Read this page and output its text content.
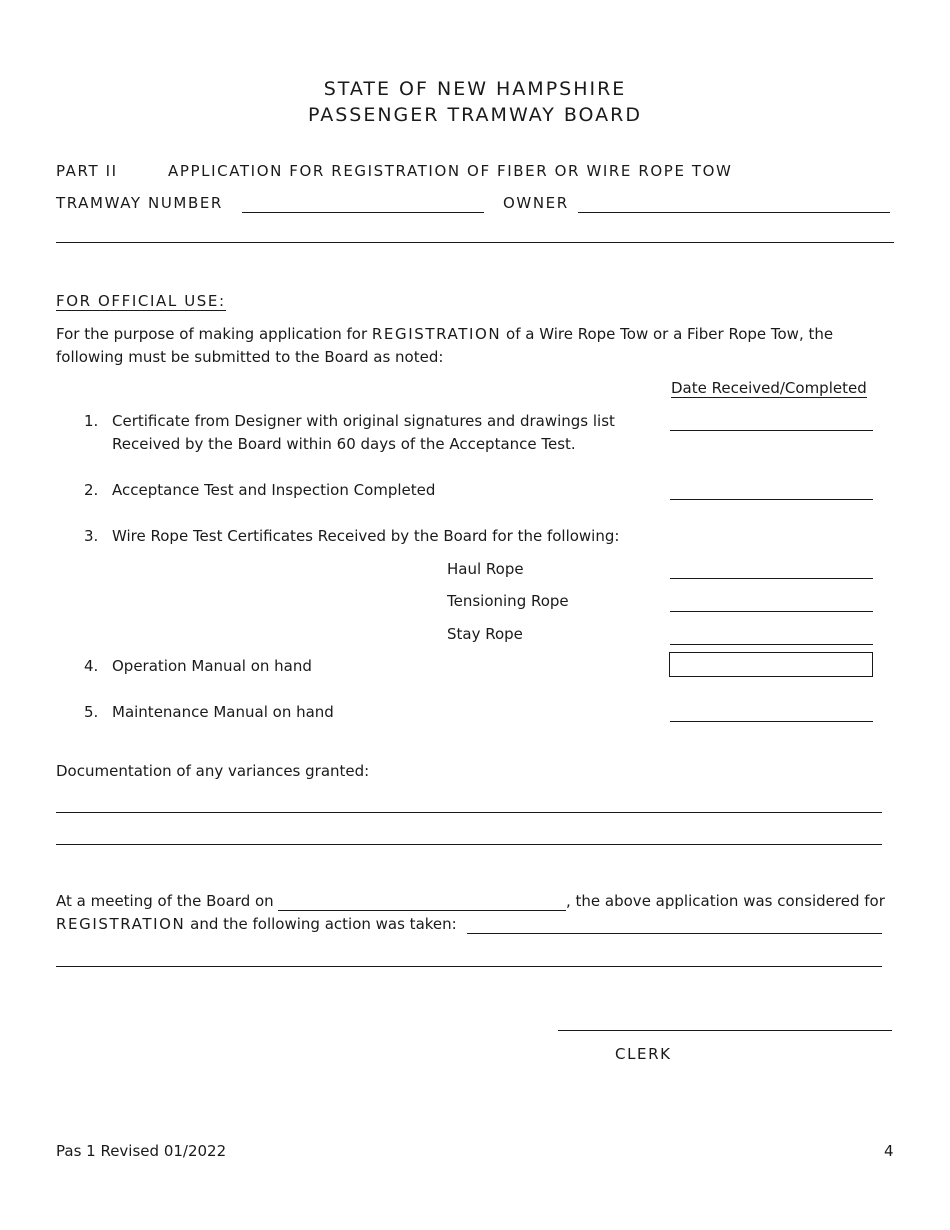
STATE OF NEW HAMPSHIRE
PASSENGER TRAMWAY BOARD
PART II	APPLICATION FOR REGISTRATION OF FIBER OR WIRE ROPE TOW
TRAMWAY NUMBER	OWNER
FOR OFFICIAL USE:
For the purpose of making application for REGISTRATION of a Wire Rope Tow or a Fiber Rope Tow, the following must be submitted to the Board as noted:
Date Received/Completed
1. Certificate from Designer with original signatures and drawings list
Received by the Board within 60 days of the Acceptance Test.
2. Acceptance Test and Inspection Completed
3. Wire Rope Test Certificates Received by the Board for the following:
Haul Rope
Tensioning Rope
Stay Rope
4. Operation Manual on hand
5. Maintenance Manual on hand
Documentation of any variances granted:
At a meeting of the Board on	, the above application was considered for
REGISTRATION and the following action was taken:
CLERK
Pas 1 Revised 01/2022	4
